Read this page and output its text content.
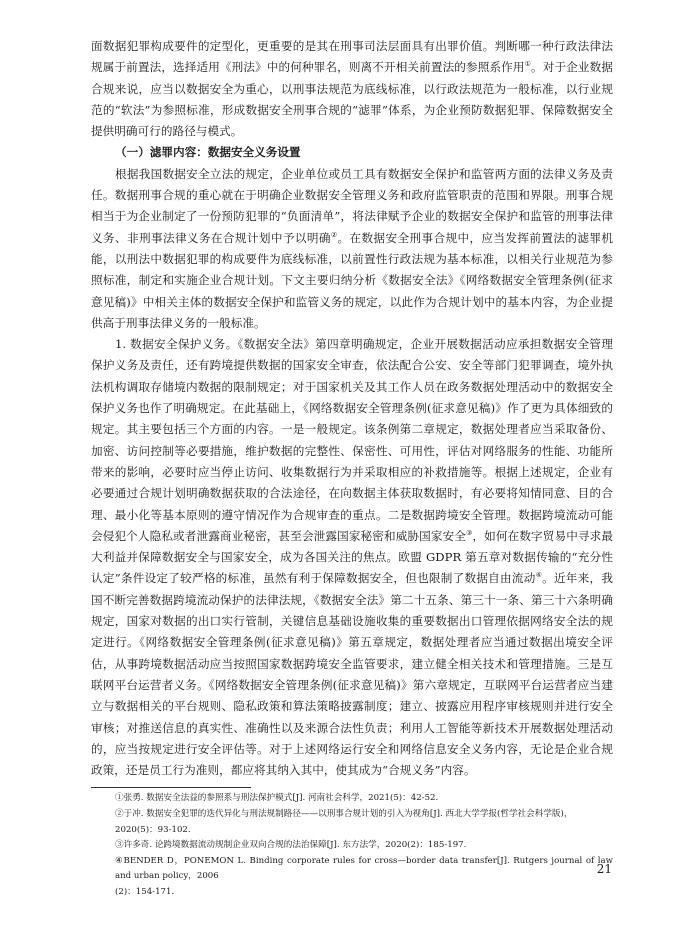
面数据犯罪构成要件的定型化，更重要的是其在刑事司法层面具有出罪价值。判断哪一种行政法律法规属于前置法，选择适用《刑法》中的何种罪名，则离不开相关前置法的参照系作用①。对于企业数据合规来说，应当以数据安全为重心，以刑事法规范为底线标准，以行政法规范为一般标准，以行业规范的“软法”为参照标准，形成数据安全刑事合规的“滤罪”体系，为企业预防数据犯罪、保障数据安全提供明确可行的路径与模式。

（一）滤罪内容：数据安全义务设置

根据我国数据安全立法的规定，企业单位或员工具有数据安全保护和监管两方面的法律义务及责任。数据刑事合规的重心就在于明确企业数据安全管理义务和政府监管职责的范围和界限。刑事合规相当于为企业制定了一份预防犯罪的“负面清单”，将法律赋予企业的数据安全保护和监管的刑事法律义务、非刑事法律义务在合规计划中予以明确②。在数据安全刑事合规中，应当发挥前置法的滤罪机能，以刑法中数据犯罪的构成要件为底线标准，以前置性行政法规为基本标准，以相关行业规范为参照标准，制定和实施企业合规计划。下文主要归纳分析《数据安全法》《网络数据安全管理条例(征求意见稿)》中相关主体的数据安全保护和监管义务的规定，以此作为合规计划中的基本内容，为企业提供高于刑事法律义务的一般标准。

1. 数据安全保护义务。《数据安全法》第四章明确规定，企业开展数据活动应承担数据安全管理保护义务及责任，还有跨境提供数据的国家安全审查，依法配合公安、安全等部门犯罪调查，境外执法机构调取存储境内数据的限制规定；对于国家机关及其工作人员在政务数据处理活动中的数据安全保护义务也作了明确规定。在此基础上，《网络数据安全管理条例(征求意见稿)》作了更为具体细致的规定。其主要包括三个方面的内容。一是一般规定。该条例第二章规定，数据处理者应当采取备份、加密、访问控制等必要措施，维护数据的完整性、保密性、可用性，评估对网络服务的性能、功能所带来的影响，必要时应当停止访问、收集数据行为并采取相应的补救措施等。根据上述规定，企业有必要通过合规计划明确数据获取的合法途径，在向数据主体获取数据时，有必要将知情同意、目的合理、最小化等基本原则的遵守情况作为合规审查的重点。二是数据跨境安全管理。数据跨境流动可能会侵犯个人隐私或者泄露商业秘密，甚至会泄露国家秘密和威胁国家安全③，如何在数字贸易中寻求最大利益并保障数据安全与国家安全，成为各国关注的焦点。欧盟 GDPR 第五章对数据传输的“充分性认定”条件设定了较严格的标准，虽然有利于保障数据安全，但也限制了数据自由流动④。近年来，我国不断完善数据跨境流动保护的法律法规，《数据安全法》第二十五条、第三十一条、第三十六条明确规定，国家对数据的出口实行管制，关键信息基础设施收集的重要数据出口管理依据网络安全法的规定进行。《网络数据安全管理条例(征求意见稿)》第五章规定，数据处理者应当通过数据出境安全评估，从事跨境数据活动应当按照国家数据跨境安全监管要求，建立健全相关技术和管理措施。三是互联网平台运营者义务。《网络数据安全管理条例(征求意见稿)》第六章规定，互联网平台运营者应当建立与数据相关的平台规则、隐私政策和算法策略披露制度；建立、披露应用程序审核规则并进行安全审核；对推送信息的真实性、准确性以及来源合法性负责；利用人工智能等新技术开展数据处理活动的，应当按规定进行安全评估等。对于上述网络运行安全和网络信息安全义务内容，无论是企业合规政策，还是员工行为准则，都应将其纳入其中，使其成为“合规义务”内容。

①张勇. 数据安全法益的参照系与刑法保护模式[J]. 河南社会科学，2021(5)：42-52.

②于冲. 数据安全犯罪的迭代异化与刑法规制路径——以刑事合规计划的引入为视角[J]. 西北大学学报(哲学社会科学版)，

2020(5)：93-102.

③许多奇. 论跨境数据流动规制企业双向合规的法治保障[J]. 东方法学，2020(2)：185-197.

④BENDER D，PONEMON L. Binding corporate rules for cross—border data transfer[J]. Rutgers journal of law and urban policy，2006

(2)：154-171.

21
